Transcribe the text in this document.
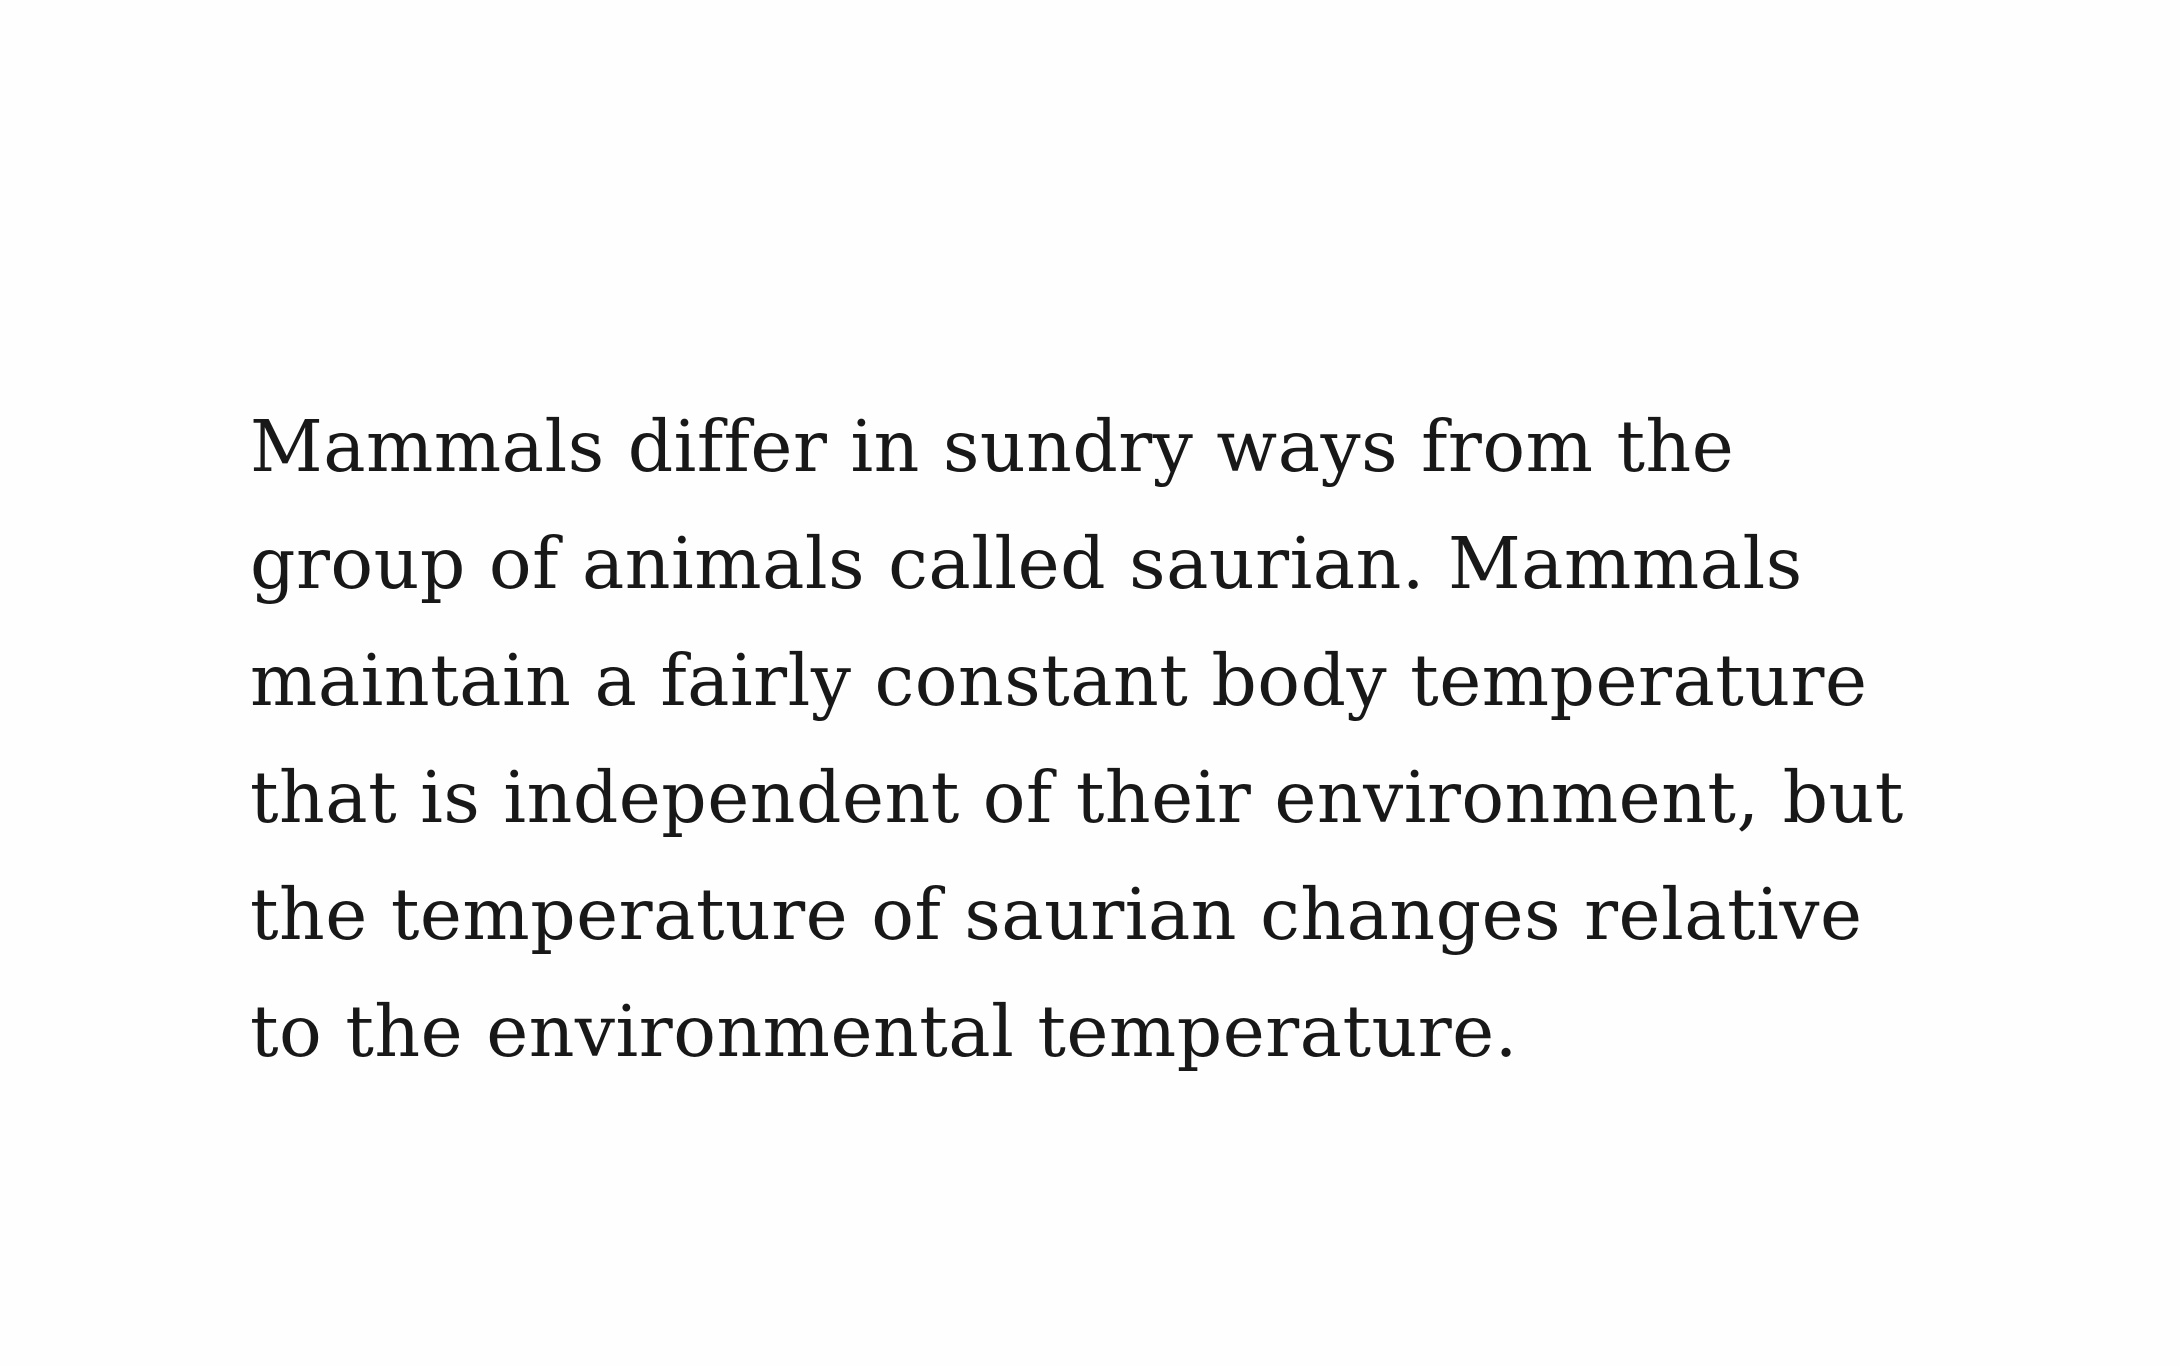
Mammals differ in sundry ways from the
group of animals called saurian. Mammals
maintain a fairly constant body temperature
that is independent of their environment, but
the temperature of saurian changes relative
to the environmental temperature.
